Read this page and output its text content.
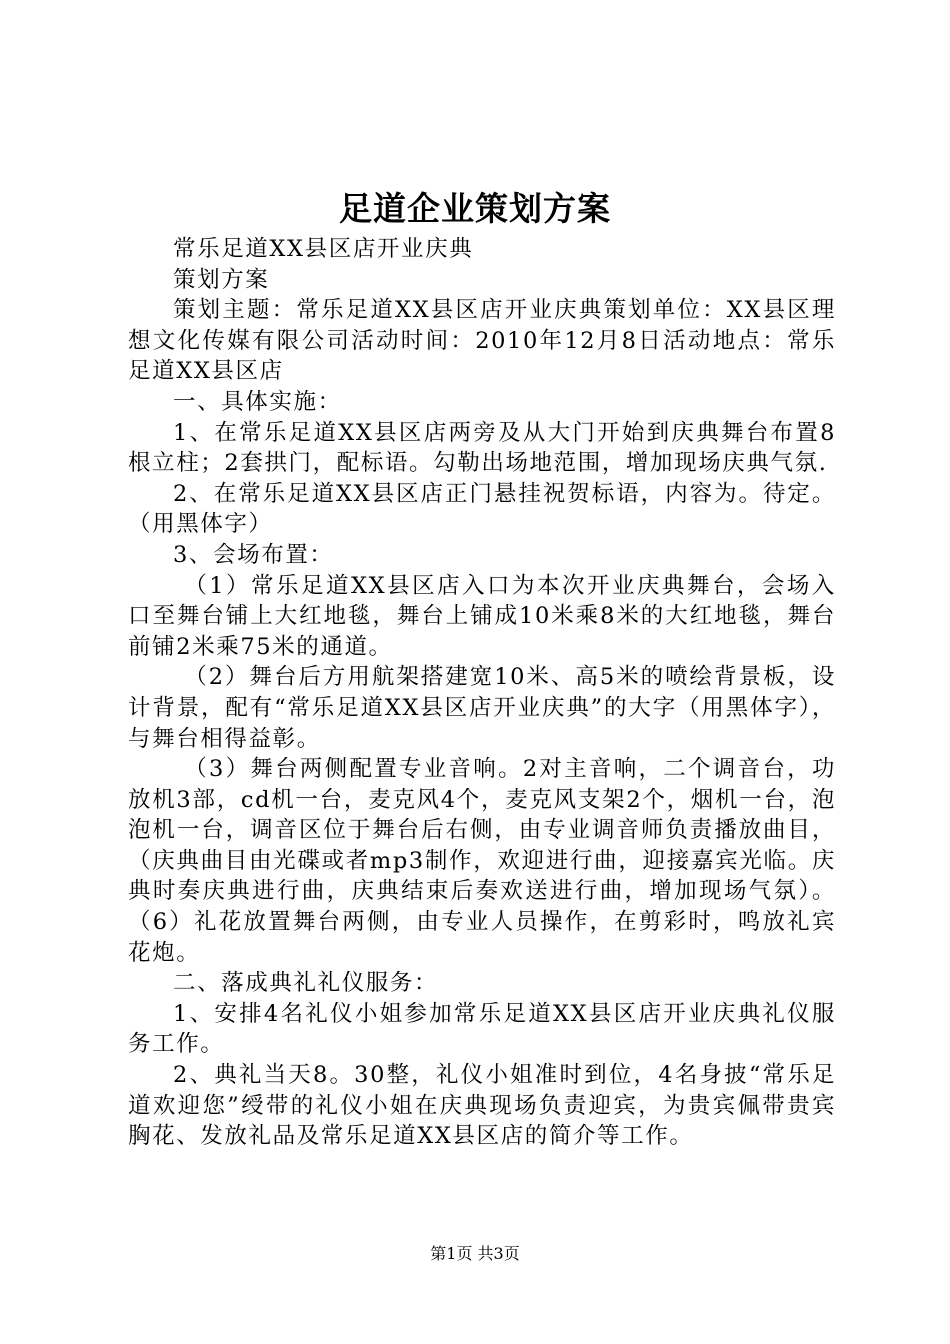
足道企业策划方案

常乐足道XX县区店开业庆典

策划方案

策划主题：常乐足道XX县区店开业庆典策划单位：XX县区理想文化传媒有限公司活动时间：2010年12月8日活动地点：常乐足道XX县区店

一、具体实施：

1、在常乐足道XX县区店两旁及从大门开始到庆典舞台布置8根立柱；2套拱门，配标语。勾勒出场地范围，增加现场庆典气氛.

2、在常乐足道XX县区店正门悬挂祝贺标语，内容为。待定。（用黑体字）

3、会场布置：

（1）常乐足道XX县区店入口为本次开业庆典舞台，会场入口至舞台铺上大红地毯，舞台上铺成10米乘8米的大红地毯，舞台前铺2米乘75米的通道。

（2）舞台后方用航架搭建宽10米、高5米的喷绘背景板，设计背景，配有“常乐足道XX县区店开业庆典”的大字（用黑体字），与舞台相得益彰。

（3）舞台两侧配置专业音响。2对主音响，二个调音台，功放机3部，cd机一台，麦克风4个，麦克风支架2个，烟机一台，泡泡机一台，调音区位于舞台后右侧，由专业调音师负责播放曲目，（庆典曲目由光碟或者mp3制作，欢迎进行曲，迎接嘉宾光临。庆典时奏庆典进行曲，庆典结束后奏欢送进行曲，增加现场气氛）。（6）礼花放置舞台两侧，由专业人员操作，在剪彩时，鸣放礼宾花炮。

二、落成典礼礼仪服务：

1、安排4名礼仪小姐参加常乐足道XX县区店开业庆典礼仪服务工作。

2、典礼当天8。30整，礼仪小姐准时到位，4名身披“常乐足道欢迎您”绶带的礼仪小姐在庆典现场负责迎宾，为贵宾佩带贵宾胸花、发放礼品及常乐足道XX县区店的简介等工作。

第1页 共3页
